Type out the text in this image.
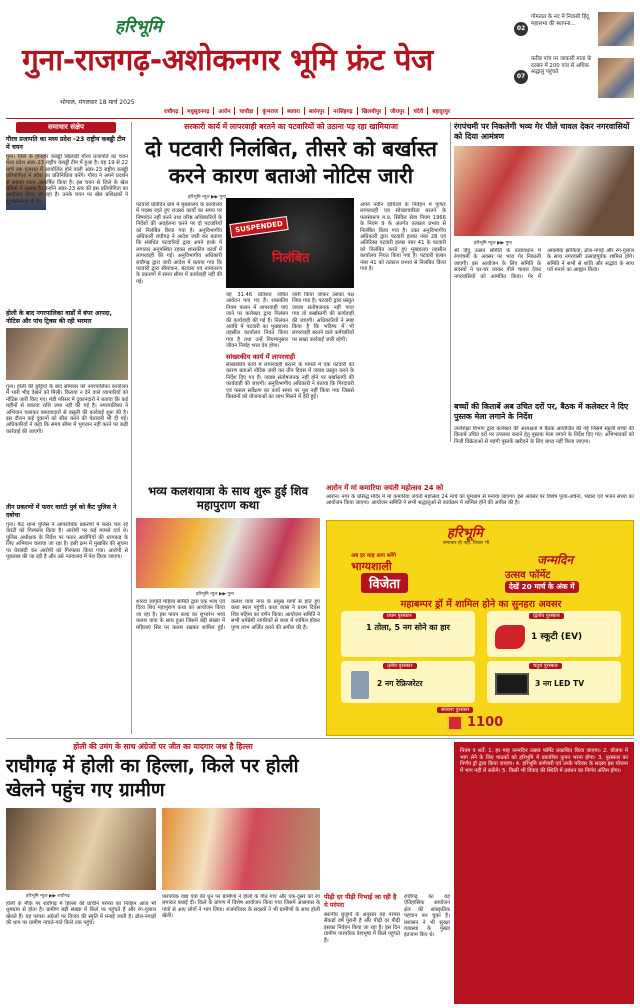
हरिभूमि
गुना-राजगढ़-अशोकनगर भूमि फ्रंट पेज
भोपाल, मंगलवार 18 मार्च 2025
02
गोमतात के नए में निवासी हिंदू महासभा की स्थापना...
07
करीब पांच पर जाकारी माता के दरबार में 200 गांव से अधिक श्रद्धालु पहुंचते
राघौगढ़	मधुसूदनगढ़	आरोन	चाचौड़ा	कुंभराज	ब्यावरा	सारंगपुर	नरसिंहगढ़	खिलचीपुर	जीरापुर	चंदेरी	बहादुरपुर
समाचार संक्षेप
गौरव प्रजापति का मध्य प्रदेश -23 राष्ट्रीय कबड्डी टीम में चयन
गुना। जिले के होनहार कबड्डी खिलाड़ी गौरव प्रजापति का चयन मध्य प्रदेश अंडर-23 राष्ट्रीय कबड्डी टीम में हुआ है। यह 19 से 22 मार्च तक गुजरात में आयोजित होने वाली अंडर-23 राष्ट्रीय कबड्डी प्रतियोगिता में प्रदेश का प्रतिनिधित्व करेंगे। गौरव ने अपने प्रदर्शन से सबका ध्यान आकर्षित किया है। इस चयन से जिले के खेल प्रेमियों में उत्साह है। उन्होंने अंडर-23 स्तर की इस प्रतियोगिता का आयोजन किया जा रहा है। उनके चयन पर खेल प्रशिक्षकों ने शुभकामनाएं दी हैं।
होली के बाद नगरपालिका वार्डों में बंपर आपदा, नोटिस और पांच ट्रिक्स की रही भरमार
गुना। होली की छुट्टियों के बाद सोमवार को नगरपालिका कार्यालय में भारी भीड़ देखने को मिली। किराया न देने वाले व्यापारियों को नोटिस जारी किए गए। मंडी परिसर में दुकानदारों ने बताया कि कई महीनों से बकाया राशि जमा नहीं की गई है। नगरपालिका ने अभियान चलाकर बकायादारों से वसूली की कार्रवाई शुरू की है। इस दौरान कई दुकानों को सील करने की चेतावनी भी दी गई। अधिकारियों ने कहा कि समय सीमा में भुगतान नहीं करने पर कड़ी कार्रवाई की जाएगी।
तीन प्रकरणों में फरार वारंटी पुर्व को कैंट पुलिस ने दबोचा
गुना। कैंट थाना पुलिस ने आपराधिक प्रकरणों में फरार चल रहे वारंटी को गिरफ्तार किया है। आरोपी पर कई मामले दर्ज थे। पुलिस अधीक्षक के निर्देश पर फरार आरोपियों की धरपकड़ के लिए अभियान चलाया जा रहा है। इसी क्रम में मुखबिर की सूचना पर घेराबंदी कर आरोपी को गिरफ्तार किया गया। आरोपी से पूछताछ की जा रही है और उसे न्यायालय में पेश किया जाएगा।
सरकारी कार्य में लापरवाही बरतने का पटवारियों को उठाना पड़ रहा खामियाजा
दो पटवारी निलंबित, तीसरे को बर्खास्त करने कारण बताओ नोटिस जारी
हरिभूमि न्यूज ▶▶ गुना
पटवारी प्रतिदिन ग्राम में मुख्यालय के कार्यालय में पदस्थ रहते हुए राजस्व कार्यों का समय पर निष्पादन नहीं करने तथा वरिष्ठ अधिकारियों के निर्देशों की अवहेलना करने पर दो पटवारियों को निलंबित किया गया है। अनुविभागीय अधिकारी राघौगढ़ ने आदेश जारी कर बताया कि संबंधित पटवारियों द्वारा अपने हल्के में लगातार अनुपस्थित रहकर शासकीय कार्यों में लापरवाही की गई। अनुविभागीय अधिकारी राघौगढ़ द्वारा जारी आदेश में बताया गया कि पटवारी द्वारा सीमांकन, बंटवारा एवं नामांतरण के प्रकरणों में समय सीमा में कार्यवाही नहीं की गई।
SUSPENDED
निलंबित
वह 31.46 प्रतिशत लंबित आवेदन पाए गए हैं। शासकीय नियम पालन में लापरवाही पाए जाने पर कलेक्टर द्वारा निलंबन की कार्यवाही की गई है। निलंबन अवधि में पटवारी का मुख्यालय तहसील कार्यालय नियत किया गया है तथा उन्हें नियमानुसार जीवन निर्वाह भत्ता देय होगा।
जारी किया जाकर उसका पक्ष लिया गया है। पटवारी द्वारा प्रस्तुत जवाब संतोषजनक नहीं पाया गया तो बर्खास्तगी की कार्यवाही की जाएगी। अधिकारियों ने स्पष्ट किया है कि भविष्य में भी लापरवाही बरतने वाले कर्मचारियों पर सख्त कार्रवाई जारी रहेगी।
सांख्यकीय कार्य में लापरवाही
सांख्यकीय कार्य में लापरवाही बरतने के मामले में एक पटवारी को कारण बताओ नोटिस जारी कर तीन दिवस में जवाब प्रस्तुत करने के निर्देश दिए गए हैं। जवाब संतोषजनक नहीं होने पर बर्खास्तगी की कार्यवाही की जाएगी। अनुविभागीय अधिकारी ने बताया कि गिरदावरी एवं फसल सर्वेक्षण का कार्य समय पर पूरा नहीं किया गया जिससे किसानों को योजनाओं का लाभ मिलने में देरी हुई।
अपने नवीन दायित्वों के निर्वहन में पूर्णतः लापरवाही एवं स्वेच्छाचारिता बरतने के फलस्वरूप म.प्र. सिविल सेवा नियम 1966 के नियम 9 के अंतर्गत तत्काल प्रभाव से निलंबित किया गया है। उक्त अनुविभागीय अधिकारी द्वारा पटवारी हल्का नंबर 28 एवं अतिरिक्त पटवारी हल्का नंबर 41 के पटवारी को निलंबित करते हुए मुख्यालय तहसील कार्यालय नियत किया गया है। पटवारी हल्का नंबर 41 को तत्काल प्रभाव से निलंबित किया गया है।
रंगपंचमी पर निकलेगी भव्य गेर पीले चावल देकर नगरवासियों को दिया आमंत्रण
हरिभूमि न्यूज ▶▶ गुना
श्री हिंदू उत्सव समिति के तत्वावधान में रंगपंचमी के अवसर पर भव्य गेर निकाली जाएगी। इस आयोजन के लिए समिति के सदस्यों ने घर-घर जाकर पीले चावल देकर नगरवासियों को आमंत्रित किया। गेर में आकर्षक झांकियां, ढोल-नगाड़े और रंग-गुलाल के साथ नगरवासी उत्साहपूर्वक शामिल होंगे। समिति ने सभी से शांति और सद्भाव के साथ पर्व मनाने का आह्वान किया।
बच्चों की किताबें अब उचित दरों पर, बैठक में कलेक्टर ने दिए पुस्तक मेला लगाने के निर्देश
जनशिक्षा विभाग द्वारा कलेक्टर की अध्यक्षता में बैठक आयोजित की गई जिसमें स्कूली बच्चों की किताबें उचित दरों पर उपलब्ध कराने हेतु पुस्तक मेला लगाने के निर्देश दिए गए। अभिभावकों को निजी विक्रेताओं से महंगी पुस्तकें खरीदने के लिए बाध्य नहीं किया जाएगा।
भव्य कलशयात्रा के साथ शुरू हुई शिव महापुराण कथा
हरिभूमि न्यूज ▶▶ गुना
शारदा जागृति महिला समिति द्वारा एक भव्य एवं दिव्य शिव महापुराण कथा का आयोजन किया जा रहा है। इस पावन कथा का शुभारंभ भव्य कलश यात्रा के साथ हुआ जिसमें बड़ी संख्या में महिलाएं सिर पर कलश रखकर शामिल हुईं। कलश यात्रा नगर के प्रमुख मार्गों से होते हुए कथा स्थल पहुंची। कथा व्यास ने प्रथम दिवस शिव महिमा का वर्णन किया। आयोजन समिति ने सभी धर्मप्रेमी नागरिकों से कथा में शामिल होकर पुण्य लाभ अर्जित करने की अपील की है।
आरोन में मां कमारिया जयंती महोत्सव 24 को
आरोन। नगर के प्रसिद्ध मंदिर में मां कमारिया जयंती महोत्सव 24 मार्च को धूमधाम से मनाया जाएगा। इस अवसर पर विशेष पूजा-अर्चना, भंडारा एवं भजन संध्या का आयोजन किया जाएगा। आयोजन समिति ने सभी श्रद्धालुओं से कार्यक्रम में शामिल होने की अपील की है।
हरिभूमि
समाचार ही नहीं, विचार भी
अब हर माह आप बनेंगे
भाग्यशाली
विजेता
जन्मदिन
उत्सव फॉर्मेट
देखें 20 मार्च के अंक में
महाबम्पर ड्रॉ में शामिल होने का सुनहरा अवसर
प्रथम पुरस्कार
1 तोला, 5 नग सोने का हार
द्वितीय पुरस्कार
1 स्कूटी (EV)
तृतीय पुरस्कार
2 नग रेफ्रिजरेटर
चतुर्थ पुरस्कार
3 नग LED TV
सांत्वना पुरस्कार
1100
होली की उमंग के साथ अंग्रेजों पर जीत का यादगार जश्न है हिल्ला
राघौगढ़ में होली का हिल्ला, किले पर होली खेलने पहुंच गए ग्रामीण
हरिभूमि न्यूज ▶▶ राघौगढ़
होली के मौके पर राघौगढ़ में हिल्ला की प्राचीन परंपरा का निर्वहन आज भी धूमधाम से होता है। ग्रामीण बड़ी संख्या में किले पर पहुंचते हैं और रंग-गुलाल खेलते हैं। यह परंपरा अंग्रेजों पर विजय की स्मृति में मनाई जाती है। ढोल-नगाड़ों की थाप पर ग्रामीण नाचते-गाते किले तक पहुंचे।
पारंपरिक वाद्य यंत्रों की धुन पर ग्रामीणों ने होली के गीत गाए और एक-दूसरे को रंग लगाकर बधाई दी। किले के प्रांगण में विशेष आयोजन किया गया जिसमें आसपास के गांवों से आए लोगों ने भाग लिया। राजपरिवार के सदस्यों ने भी ग्रामीणों के साथ होली खेली।
पीढ़ी दर पीढ़ी निभाई जा रही है ये परंपरा
स्थानीय बुजुर्गों के अनुसार यह परंपरा सैकड़ों वर्ष पुरानी है और पीढ़ी दर पीढ़ी इसका निर्वहन किया जा रहा है। इस दिन ग्रामीण पारंपरिक वेशभूषा में किले पहुंचते हैं।
राघौगढ़ का यह ऐतिहासिक आयोजन क्षेत्र की सांस्कृतिक पहचान बन चुका है। प्रशासन ने भी सुरक्षा व्यवस्था के पुख्ता इंतजाम किए थे।
नियम व शर्तें: 1. हर माह जन्मदिन उत्सव फॉर्मेट प्रकाशित किया जाएगा। 2. योजना में भाग लेने के लिए पाठकों को हरिभूमि में प्रकाशित कूपन भरना होगा। 3. पुरस्कार का निर्णय ड्रॉ द्वारा किया जाएगा। 4. हरिभूमि कर्मचारी एवं उनके परिवार के सदस्य इस योजना में भाग नहीं ले सकेंगे। 5. किसी भी विवाद की स्थिति में प्रबंधन का निर्णय अंतिम होगा।
